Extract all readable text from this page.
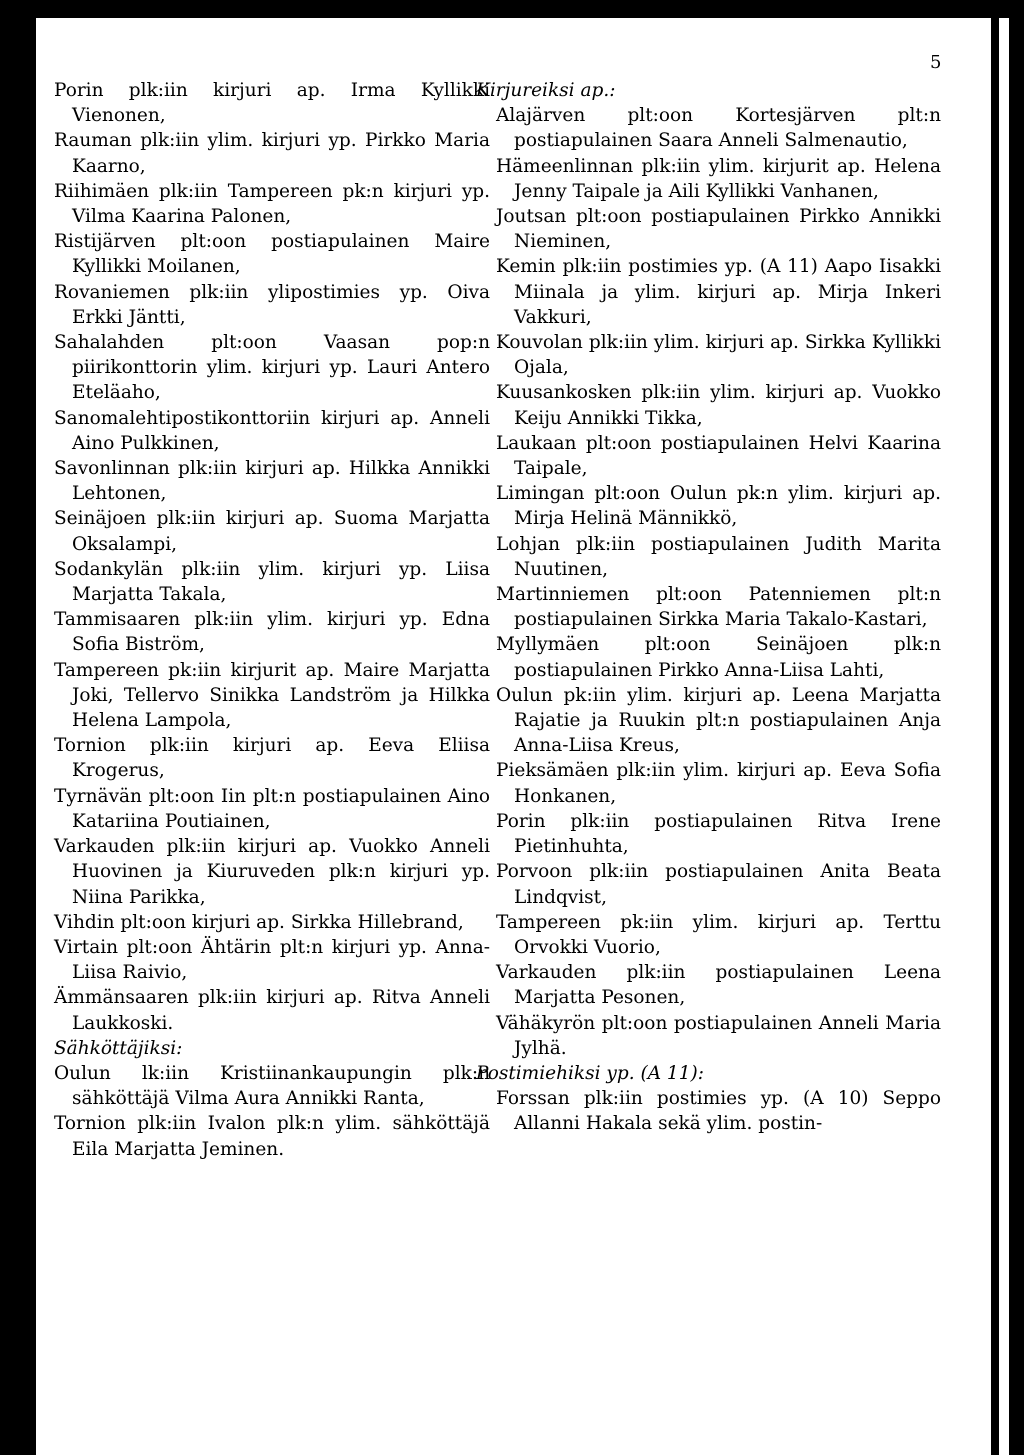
5
Porin plk:iin kirjuri ap. Irma Kyllikki Vienonen,
Rauman plk:iin ylim. kirjuri yp. Pirkko Maria Kaarno,
Riihimäen plk:iin Tampereen pk:n kirjuri yp. Vilma Kaarina Palonen,
Ristijärven plt:oon postiapulainen Maire Kyllikki Moilanen,
Rovaniemen plk:iin ylipostimies yp. Oiva Erkki Jäntti,
Sahalahden plt:oon Vaasan pop:n piirikonttorin ylim. kirjuri yp. Lauri Antero Eteläaho,
Sanomalehtipostikonttoriin kirjuri ap. Anneli Aino Pulkkinen,
Savonlinnan plk:iin kirjuri ap. Hilkka Annikki Lehtonen,
Seinäjoen plk:iin kirjuri ap. Suoma Marjatta Oksalampi,
Sodankylän plk:iin ylim. kirjuri yp. Liisa Marjatta Takala,
Tammisaaren plk:iin ylim. kirjuri yp. Edna Sofia Biström,
Tampereen pk:iin kirjurit ap. Maire Marjatta Joki, Tellervo Sinikka Landström ja Hilkka Helena Lampola,
Tornion plk:iin kirjuri ap. Eeva Eliisa Krogerus,
Tyrnävän plt:oon Iin plt:n postiapulainen Aino Katariina Poutiainen,
Varkauden plk:iin kirjuri ap. Vuokko Anneli Huovinen ja Kiuruveden plk:n kirjuri yp. Niina Parikka,
Vihdin plt:oon kirjuri ap. Sirkka Hillebrand,
Virtain plt:oon Ähtärin plt:n kirjuri yp. Anna-Liisa Raivio,
Ämmänsaaren plk:iin kirjuri ap. Ritva Anneli Laukkoski.
Sähköttäjiksi:
Oulun lk:iin Kristiinankaupungin plk:n sähköttäjä Vilma Aura Annikki Ranta,
Tornion plk:iin Ivalon plk:n ylim. sähköttäjä Eila Marjatta Jeminen.
Kirjureiksi ap.:
Alajärven plt:oon Kortesjärven plt:n postiapulainen Saara Anneli Salmenautio,
Hämeenlinnan plk:iin ylim. kirjurit ap. Helena Jenny Taipale ja Aili Kyllikki Vanhanen,
Joutsan plt:oon postiapulainen Pirkko Annikki Nieminen,
Kemin plk:iin postimies yp. (A 11) Aapo Iisakki Miinala ja ylim. kirjuri ap. Mirja Inkeri Vakkuri,
Kouvolan plk:iin ylim. kirjuri ap. Sirkka Kyllikki Ojala,
Kuusankosken plk:iin ylim. kirjuri ap. Vuokko Keiju Annikki Tikka,
Laukaan plt:oon postiapulainen Helvi Kaarina Taipale,
Limingan plt:oon Oulun pk:n ylim. kirjuri ap. Mirja Helinä Männikkö,
Lohjan plk:iin postiapulainen Judith Marita Nuutinen,
Martinniemen plt:oon Patenniemen plt:n postiapulainen Sirkka Maria Takalo-Kastari,
Myllymäen plt:oon Seinäjoen plk:n postiapulainen Pirkko Anna-Liisa Lahti,
Oulun pk:iin ylim. kirjuri ap. Leena Marjatta Rajatie ja Ruukin plt:n postiapulainen Anja Anna-Liisa Kreus,
Pieksämäen plk:iin ylim. kirjuri ap. Eeva Sofia Honkanen,
Porin plk:iin postiapulainen Ritva Irene Pietinhuhta,
Porvoon plk:iin postiapulainen Anita Beata Lindqvist,
Tampereen pk:iin ylim. kirjuri ap. Terttu Orvokki Vuorio,
Varkauden plk:iin postiapulainen Leena Marjatta Pesonen,
Vähäkyrön plt:oon postiapulainen Anneli Maria Jylhä.
Postimiehiksi yp. (A 11):
Forssan plk:iin postimies yp. (A 10) Seppo Allanni Hakala sekä ylim. postin-
